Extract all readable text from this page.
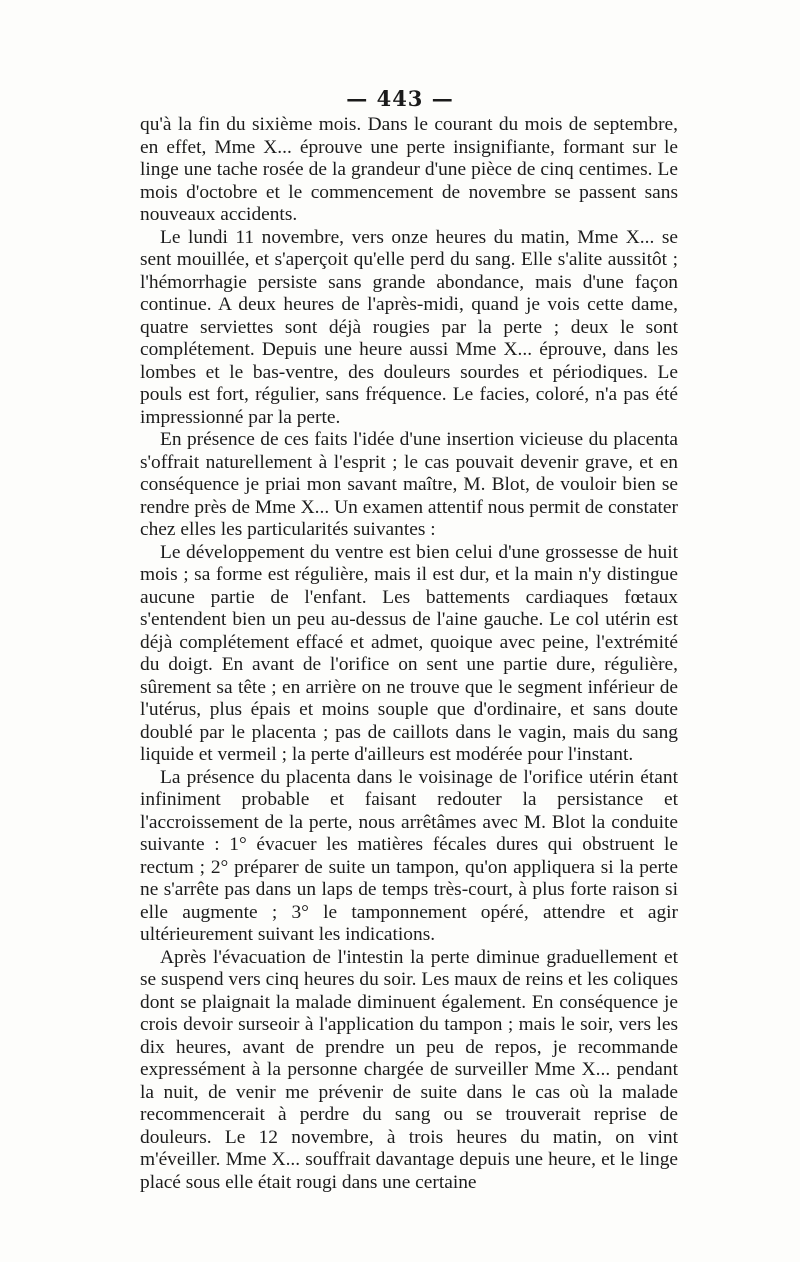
— 443 —

qu'à la fin du sixième mois. Dans le courant du mois de septembre, en effet, Mme X... éprouve une perte insignifiante, formant sur le linge une tache rosée de la grandeur d'une pièce de cinq centimes. Le mois d'octobre et le commencement de novembre se passent sans nouveaux accidents.

Le lundi 11 novembre, vers onze heures du matin, Mme X... se sent mouillée, et s'aperçoit qu'elle perd du sang. Elle s'alite aussitôt ; l'hémorrhagie persiste sans grande abondance, mais d'une façon continue. A deux heures de l'après-midi, quand je vois cette dame, quatre serviettes sont déjà rougies par la perte ; deux le sont complétement. Depuis une heure aussi Mme X... éprouve, dans les lombes et le bas-ventre, des douleurs sourdes et périodiques. Le pouls est fort, régulier, sans fréquence. Le facies, coloré, n'a pas été impressionné par la perte.

En présence de ces faits l'idée d'une insertion vicieuse du placenta s'offrait naturellement à l'esprit ; le cas pouvait devenir grave, et en conséquence je priai mon savant maître, M. Blot, de vouloir bien se rendre près de Mme X... Un examen attentif nous permit de constater chez elles les particularités suivantes :

Le développement du ventre est bien celui d'une grossesse de huit mois ; sa forme est régulière, mais il est dur, et la main n'y distingue aucune partie de l'enfant. Les battements cardiaques fœtaux s'entendent bien un peu au-dessus de l'aine gauche. Le col utérin est déjà complétement effacé et admet, quoique avec peine, l'extrémité du doigt. En avant de l'orifice on sent une partie dure, régulière, sûrement sa tête ; en arrière on ne trouve que le segment inférieur de l'utérus, plus épais et moins souple que d'ordinaire, et sans doute doublé par le placenta ; pas de caillots dans le vagin, mais du sang liquide et vermeil ; la perte d'ailleurs est modérée pour l'instant.

La présence du placenta dans le voisinage de l'orifice utérin étant infiniment probable et faisant redouter la persistance et l'accroissement de la perte, nous arrêtâmes avec M. Blot la conduite suivante : 1° évacuer les matières fécales dures qui obstruent le rectum ; 2° préparer de suite un tampon, qu'on appliquera si la perte ne s'arrête pas dans un laps de temps très-court, à plus forte raison si elle augmente ; 3° le tamponnement opéré, attendre et agir ultérieurement suivant les indications.

Après l'évacuation de l'intestin la perte diminue graduellement et se suspend vers cinq heures du soir. Les maux de reins et les coliques dont se plaignait la malade diminuent également. En conséquence je crois devoir surseoir à l'application du tampon ; mais le soir, vers les dix heures, avant de prendre un peu de repos, je recommande expressément à la personne chargée de surveiller Mme X... pendant la nuit, de venir me prévenir de suite dans le cas où la malade recommencerait à perdre du sang ou se trouverait reprise de douleurs. Le 12 novembre, à trois heures du matin, on vint m'éveiller. Mme X... souffrait davantage depuis une heure, et le linge placé sous elle était rougi dans une certaine
